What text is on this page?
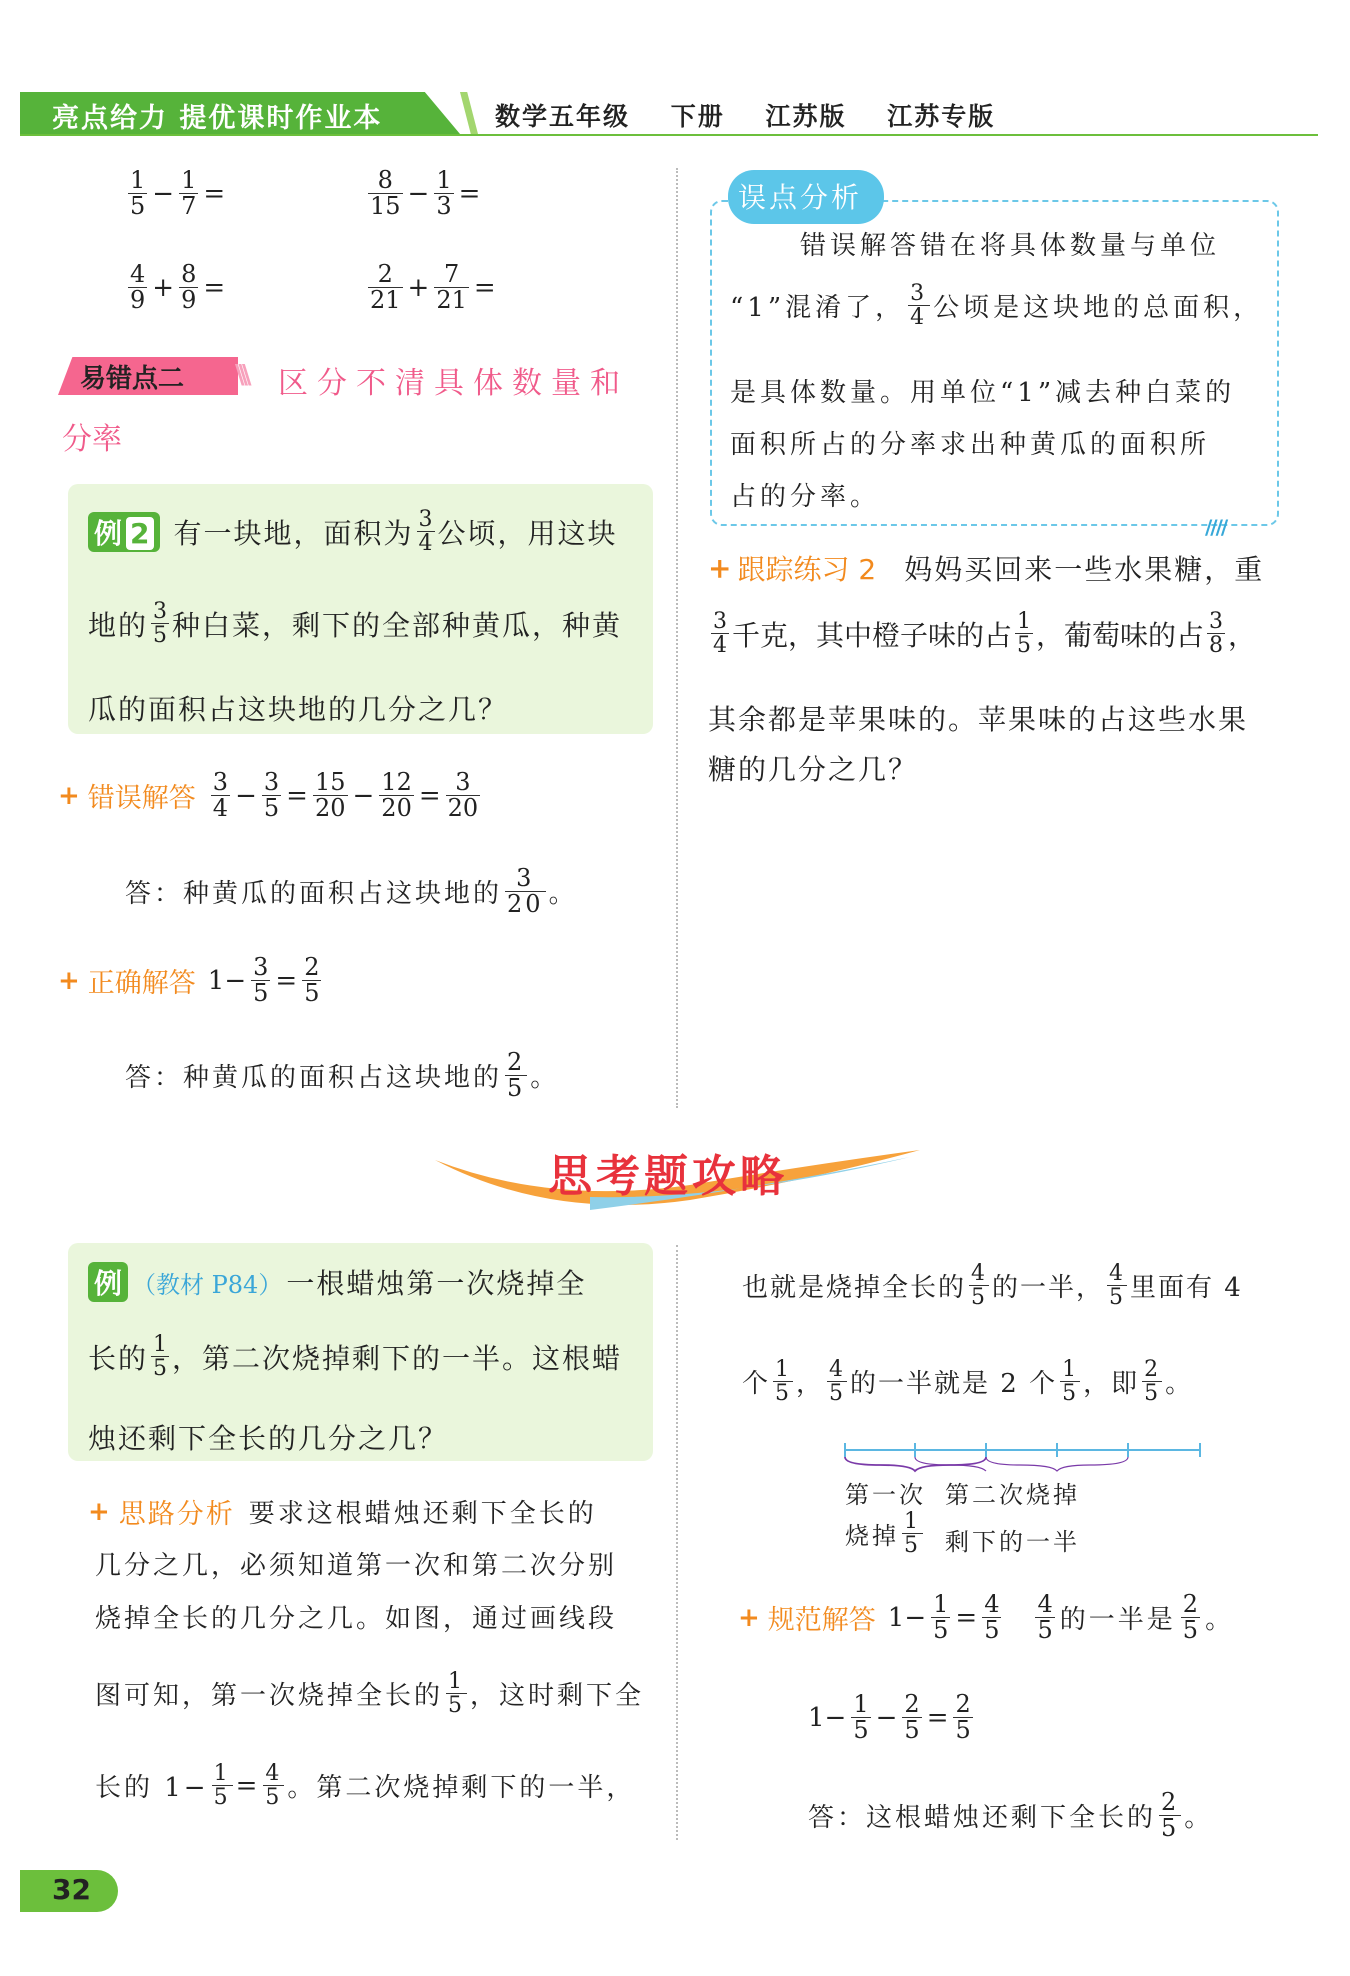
亮点给力 提优课时作业本	数学五年级 下册 江苏版 江苏专版
$\frac{1}{5} - \frac{1}{7}$ =	$\frac{8}{15} - \frac{1}{3}$ =
$\frac{4}{9} + \frac{8}{9}$ =	$\frac{2}{21} + \frac{7}{21}$ =
易错点二 \\\ 区分不清具体数量和
分率
例 2 有一块地，面积为 $\frac{3}{4}$ 公顷，用这块
地的 $\frac{3}{5}$ 种白菜，剩下的全部种黄瓜，种黄
瓜的面积占这块地的几分之几？
+ 错误解答 $\frac{3}{4} - \frac{3}{5} = \frac{15}{20} - \frac{12}{20} = \frac{3}{20}$
答：种黄瓜的面积占这块地的 $\frac{3}{20}$ 。
+ 正确解答 $1- \frac{3}{5} = \frac{2}{5}$
答：种黄瓜的面积占这块地的 $\frac{2}{5}$ 。
误点分析
错误解答错在将具体数量与单位
“1”混淆了， $\frac{3}{4}$ 公顷是这块地的总面积，
是具体数量。用单位“1”减去种白菜的
面积所占的分率求出种黄瓜的面积所
占的分率。
////
+ 跟踪练习 2 妈妈买回来一些水果糖，重
$\frac{3}{4}$ 千克，其中橙子味的占 $\frac{1}{5}$ ，葡萄味的占 $\frac{3}{8}$ ，
其余都是苹果味的。苹果味的占这些水果
糖的几分之几？
思考题攻略
例 （教材 P84） 一根蜡烛第一次烧掉全
长的 $\frac{1}{5}$ ，第二次烧掉剩下的一半。这根蜡
烛还剩下全长的几分之几？
+ 思路分析 要求这根蜡烛还剩下全长的
几分之几，必须知道第一次和第二次分别
烧掉全长的几分之几。如图，通过画线段
图可知，第一次烧掉全长的 $\frac{1}{5}$ ，这时剩下全
长的 $1- \frac{1}{5} = \frac{4}{5}$ 。第二次烧掉剩下的一半，
也就是烧掉全长的 $\frac{4}{5}$ 的一半， $\frac{4}{5}$ 里面有 4
个 $\frac{1}{5}$ ， $\frac{4}{5}$ 的一半就是 2 个 $\frac{1}{5}$ ，即 $\frac{2}{5}$ 。
第一次
烧掉 $\frac{1}{5}$
第二次烧掉
剩下的一半
+ 规范解答 $1- \frac{1}{5} = \frac{4}{5} \frac{4}{5}$ 的一半是 $\frac{2}{5}$ 。
$1- \frac{1}{5} - \frac{2}{5} = \frac{2}{5}$
答：这根蜡烛还剩下全长的 $\frac{2}{5}$ 。
32
